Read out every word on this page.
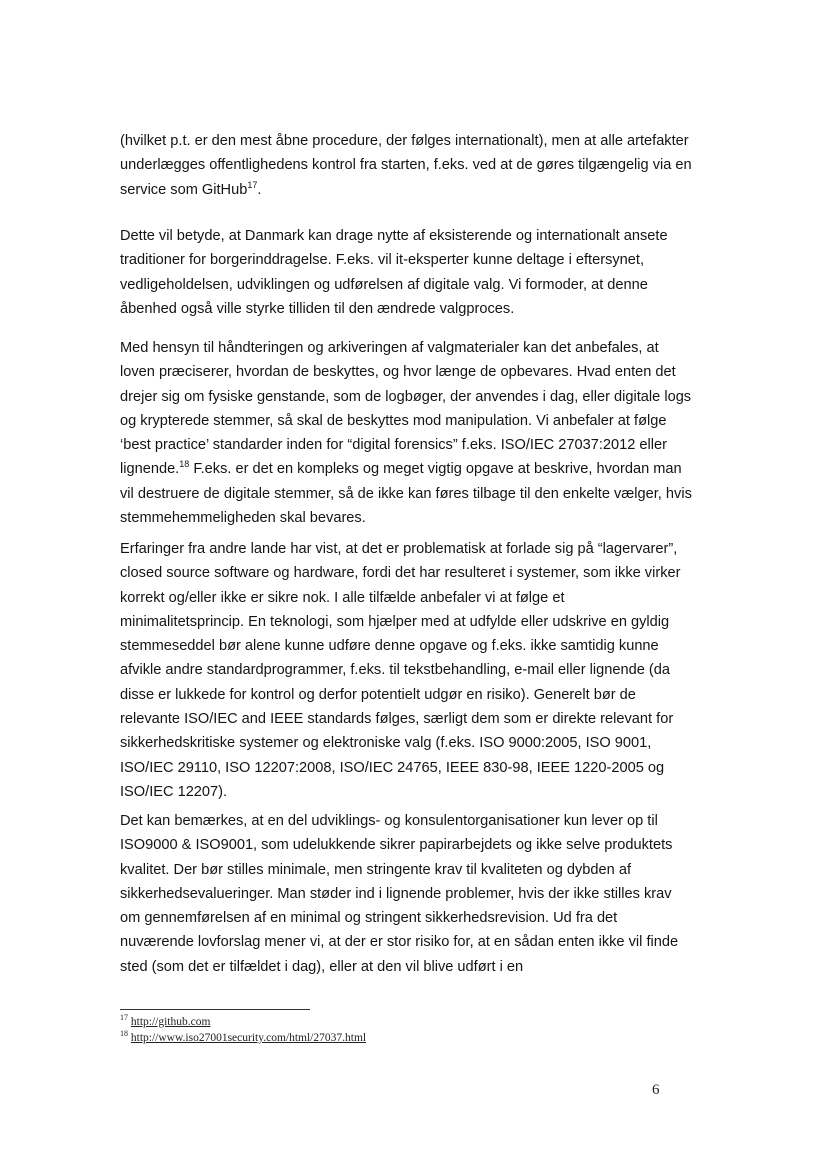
(hvilket p.t. er den mest åbne procedure, der følges internationalt), men at alle artefakter underlægges offentlighedens kontrol fra starten, f.eks. ved at de gøres tilgængelig via en service som GitHub$^{17}$.

Dette vil betyde, at Danmark kan drage nytte af eksisterende og internationalt ansete traditioner for borgerinddragelse. F.eks. vil it-eksperter kunne deltage i eftersynet, vedligeholdelsen, udviklingen og udførelsen af digitale valg. Vi formoder, at denne åbenhed også ville styrke tilliden til den ændrede valgproces.

Med hensyn til håndteringen og arkiveringen af valgmaterialer kan det anbefales, at loven præciserer, hvordan de beskyttes, og hvor længe de opbevares. Hvad enten det drejer sig om fysiske genstande, som de logbøger, der anvendes i dag, eller digitale logs og krypterede stemmer, så skal de beskyttes mod manipulation. Vi anbefaler at følge ‘best practice’ standarder inden for “digital forensics” f.eks. ISO/IEC 27037:2012 eller lignende.$^{18}$ F.eks. er det en kompleks og meget vigtig opgave at beskrive, hvordan man vil destruere de digitale stemmer, så de ikke kan føres tilbage til den enkelte vælger, hvis stemmehemmeligheden skal bevares.

Erfaringer fra andre lande har vist, at det er problematisk at forlade sig på “lagervarer”, closed source software og hardware, fordi det har resulteret i systemer, som ikke virker korrekt og/eller ikke er sikre nok. I alle tilfælde anbefaler vi at følge et minimalitetsprincip. En teknologi, som hjælper med at udfylde eller udskrive en gyldig stemmeseddel bør alene kunne udføre denne opgave og f.eks. ikke samtidig kunne afvikle andre standardprogrammer, f.eks. til tekstbehandling, e-mail eller lignende (da disse er lukkede for kontrol og derfor potentielt udgør en risiko). Generelt bør de relevante ISO/IEC and IEEE standards følges, særligt dem som er direkte relevant for sikkerhedskritiske systemer og elektroniske valg (f.eks. ISO 9000:2005, ISO 9001, ISO/IEC 29110, ISO 12207:2008, ISO/IEC 24765, IEEE 830-98, IEEE 1220-2005 og ISO/IEC 12207).

Det kan bemærkes, at en del udviklings- og konsulentorganisationer kun lever op til ISO9000 & ISO9001, som udelukkende sikrer papirarbejdets og ikke selve produktets kvalitet. Der bør stilles minimale, men stringente krav til kvaliteten og dybden af sikkerhedsevalueringer. Man støder ind i lignende problemer, hvis der ikke stilles krav om gennemførelsen af en minimal og stringent sikkerhedsrevision. Ud fra det nuværende lovforslag mener vi, at der er stor risiko for, at en sådan enten ikke vil finde sted (som det er tilfældet i dag), eller at den vil blive udført i en

$^{17}$ http://github.com

$^{18}$ http://www.iso27001security.com/html/27037.html

6
